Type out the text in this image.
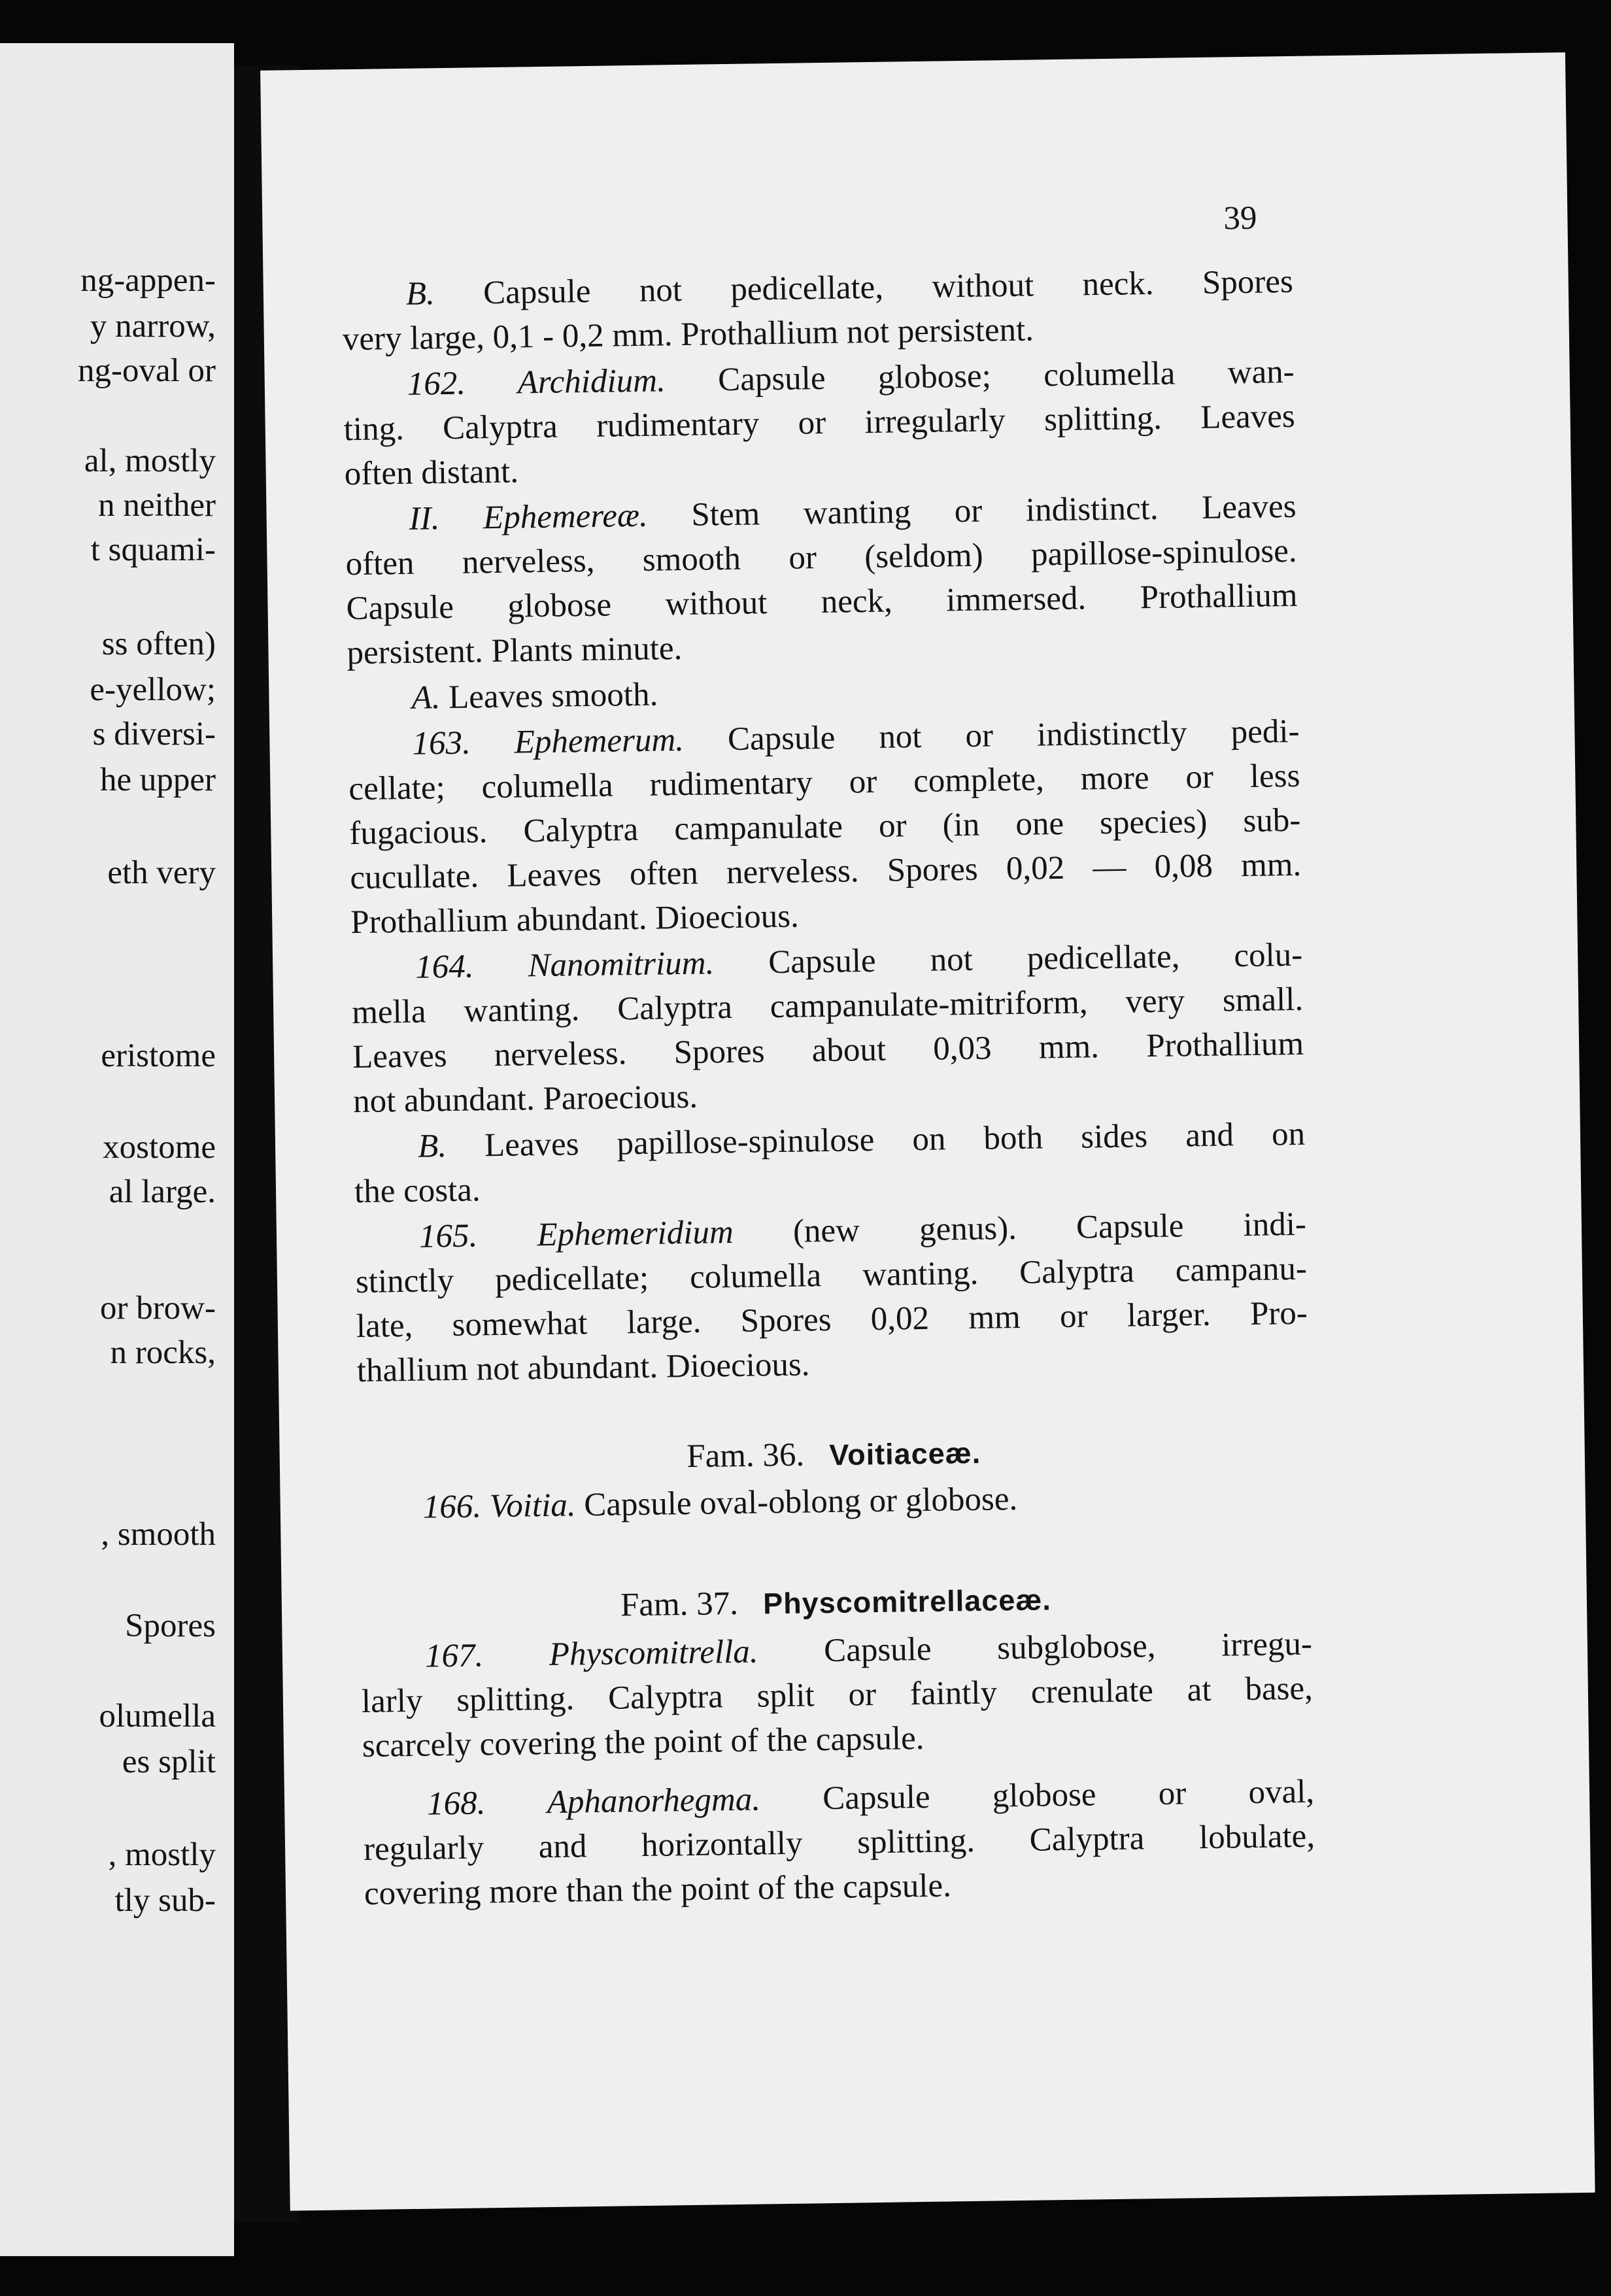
ng-appen-
y narrow,
ng-oval or
al, mostly
n neither
t squami-
ss often)
e-yellow;
s diversi-
he upper
eth very
eristome
xostome
al large.
or brow-
n rocks,
, smooth
Spores
olumella
es split
, mostly
tly sub-
39
B. Capsule not pedicellate, without neck. Spores
very large, 0,1 - 0,2 mm. Prothallium not persistent.
162. Archidium. Capsule globose; columella wan-
ting. Calyptra rudimentary or irregularly splitting. Leaves
often distant.
II. Ephemereæ. Stem wanting or indistinct. Leaves
often nerveless, smooth or (seldom) papillose-spinulose.
Capsule globose without neck, immersed. Prothallium
persistent. Plants minute.
A. Leaves smooth.
163. Ephemerum. Capsule not or indistinctly pedi-
cellate; columella rudimentary or complete, more or less
fugacious. Calyptra campanulate or (in one species) sub-
cucullate. Leaves often nerveless. Spores 0,02 — 0,08 mm.
Prothallium abundant. Dioecious.
164. Nanomitrium. Capsule not pedicellate, colu-
mella wanting. Calyptra campanulate-mitriform, very small.
Leaves nerveless. Spores about 0,03 mm. Prothallium
not abundant. Paroecious.
B. Leaves papillose-spinulose on both sides and on
the costa.
165. Ephemeridium (new genus). Capsule indi-
stinctly pedicellate; columella wanting. Calyptra campanu-
late, somewhat large. Spores 0,02 mm or larger. Pro-
thallium not abundant. Dioecious.
Fam. 36. Voitiaceæ.
166. Voitia. Capsule oval-oblong or globose.
Fam. 37. Physcomitrellaceæ.
167. Physcomitrella. Capsule subglobose, irregu-
larly splitting. Calyptra split or faintly crenulate at base,
scarcely covering the point of the capsule.
168. Aphanorhegma. Capsule globose or oval,
regularly and horizontally splitting. Calyptra lobulate,
covering more than the point of the capsule.
